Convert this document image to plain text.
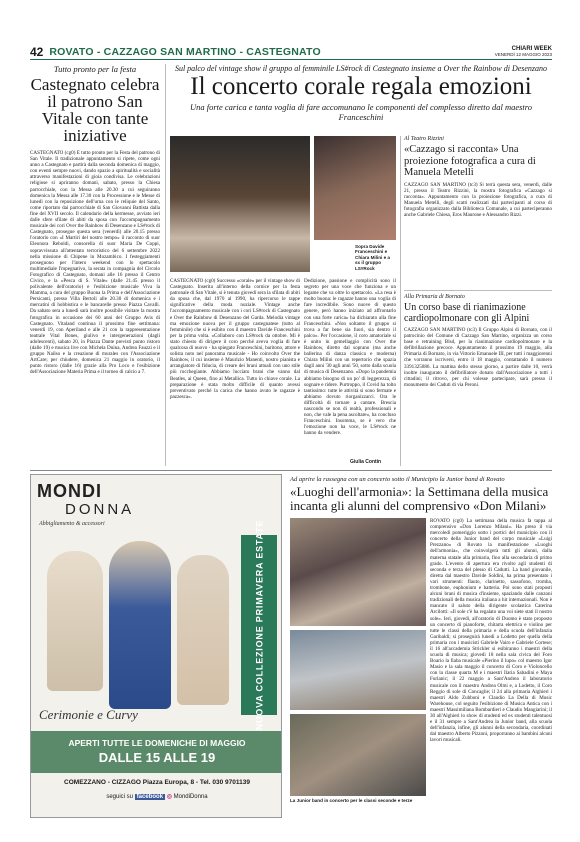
42 ROVATO - CAZZAGO SAN MARTINO - CASTEGNATO	CHIARI WEEK
VENERDÌ 12 MAGGIO 2023
Tutto pronto per la festa
Castegnato celebra il patrono San Vitale con tante iniziative
CASTEGNATO (cg0) È tutto pronto per la Festa del patrono di San Vitale. Il tradizionale appuntamento si ripete, come ogni anno a Castegnato e partirà dalla seconda domenica di maggio, con eventi sempre nuovi, dando spazio a spiritualità e socialità attraverso manifestazioni di gioia condivisa. Le celebrazioni religiose si apriranno domani, sabato, presso la Chiesa parrocchiale, con la Messa alle 20.30 a cui seguiranno domenica la Messa alle 17.30 con la Processione e le Messe di lunedì con la reposizione dell'urna con le reliquie del Santo, come riportato dai parrocchiale di San Giovanni Battista dalla fine del XVII secolo. Il calendario della kermesse, avviato ieri dalle sfere sfilate di abiti da sposa con l'accompagnamento musicale dei cori Over the Rainbow di Desenzano e LS#rock di Castegnato, prosegue questa sera (venerdì) alle 20.15 presso l'oratorio con «I Martiri del nostro tempo» il racconto di suor Eleonora Reboldi, consorella di suor Maria De Coppi, sopravvissuta all'attentato terroristico del 6 settembre 2022 nella missione di Chipene in Mozambico. I festeggiamenti proseguono per l'intero weekend con lo spettacolo multimediale I'mpegnativo, la serata in compagnia del Circolo Fotografico di Castegnato, domani alle 16 presso il Centro Civico, e la «Pesca di S. Vitale» (dalle 21.45 presso il polivalente dell'oratorio) e l'esibizione musicale Viva la Mamma, a cura del gruppo Buona la Prima e dell'Associazione Persicanti, presso Villa Bertoli alle 20.30 di domenica e i mercatini di hobbistica e le bancarelle presso Piazza Cavalli. Da sabato sera a lunedì sarà inoltre possibile visitare la mostra fotografica in occasione dei 60 anni del Gruppo Avis di Castegnato. Vitaland continua il prossimo fine settimana: venerdì 19, con Aperiland e alle 21 con la rappresentazione teatrale Vital Bones, giulivo e intergenerazioni (dagli adolescenti), sabato 20, in Piazza Dante previsti punto ristoro (dalle 19) e musica live con Michela Duina, Andrea Fauzzi e il gruppo Nailso e la creazione di murales con l'Associazione ArtCare; per chiudere, domenica 21 maggio in oratorio, il punto ristoro (dalle 16) grazie alla Pro Loco e l'esibizione dell'Associazione Materia Prima e il torneo di calcio a 7.
Sul palco del vintage show il gruppo al femminile LS#rock di Castegnato insieme a Over the Rainbow di Desenzano
Il concerto corale regala emozioni
Una forte carica e tanta voglia di fare accomunano le componenti del complesso diretto dal maestro Franceschini
Sopra Davide Franceschini e Chiara Milini e a sx il gruppo LS#Rock
CASTEGNATO (cg0) Successo «corale» per il vintage show di Castegnato. Inserita all'interno della cornice per la festa patronale di San Vitale, si è tenuta giovedì sera la sfilata di abiti da sposa che, dal 1970 al 1990, ha ripercorso le tappe significative della moda nuziale. Vintage anche l'accompagnamento musicale con i cori LS#rock di Castegnato e Over the Rainbow di Desenzano del Garda. Melodia vintage ma emozione nuova per il gruppo castegnatese (tutto al femminile) che si è esibito con il maestro Davide Franceschini per la prima volta. «Collaboro con LS#rock da ottobre. Mi è stato chiesto di dirigere il coro perché aveva voglia di fare qualcosa di nuovo - ha spiegato Franceschini, baritono, attore e solista noto nel panorama musicale - Ho coinvolto Over the Rainbow, il cui insieme è Maurizio Manenti, nostro pianista e arrangiatore di fiducia, di creare dei brani attuali con uno stile più rocchegiante. Abbiamo lucciato brani che vanno dal Beatles, ai Queen, fino ai Metallica. Tutto in chiave corale. La preparazione è stata molto difficile di quanto avessi preventivato perché la carica che hanno avuto le ragazze è pazzesca».
Dedizione, passione e complicità sono il segreto per una voce che funziona e un legame che va oltre lo spettacolo. «La resa è molto buona: le ragazze hanno una voglia di fare incredibile. Sono nuove di questo genere, però hanno iniziato ad affrontarlo con una forte carica» ha dichiarato alla fine Franceschini. «Non soltanto il gruppo si trova a far bene sia fuori, sia dentro il palco». Per l'occasione, il coro amatoriale si è unito in gemellaggio con Over the Rainbow, diretto dal soprano (ma anche ballerina di danza classica e moderna) Chiara Milini con un repertorio che spazia dagli anni '30 agli anni '50, sotto dalla scuola di musica di Desenzano. «Dopo la pandemia abbiamo bisogno di un po' di leggerezza, di sognare e ridere. Purtroppo, il Covid ha tolto tantissimo: tutte le attività si sono fermate e abbiamo dovuto riorganizzarci. Ora le difficoltà di tornare a cantare. Brescia nascondo se non di realtà, professionali e non, che vale la pena ascoltare», ha concluso Franceschini. Insomma, se è vero che l'emozione non ha voce, le LS#rock ne hanno da vendere.
Giulia Contin
Al Teatro Rizzini
«Cazzago si racconta» Una proiezione fotografica a cura di Manuela Metelli
CAZZAGO SAN MARTINO (tc3) Si terrà questa sera, venerdì, dalle 21, presso il Teatro Rizzini, la mostra fotografica «Cazzago si racconta». Appuntamento con la proiezione fotografica, a cura di Manuela Metelli, degli scatti realizzati dai partecipanti al corso di fotografia organizzato dalla Biblioteca Comunale, a cui parteciperanno anche Gabriele Chiesa, Eros Maurone e Alessandro Rizzi.
Alla Primaria di Bornato
Un corso base di rianimazione cardiopolmonare con gli Alpini
CAZZAGO SAN MARTINO (tc3) Il Gruppo Alpini di Bornato, con il patrocinio del Comune di Cazzago San Martino, organizza un corso base e retraining Blsd, per la rianimazione cardiopolmonare e la defibrillazione precoce. Appuntamento il prossimo 19 maggio, alla Primaria di Bornato, in via Vittorio Emanuele III, per tutti i maggiorenni che vorranno iscriversi, entro il 18 maggio, contattando il numero 3391325886. La mattina dello stesso giorno, a partire dalle 10, verrà inoltre inaugurato il defibrillatore donato dall'Associazione a tutti i cittadini; il ritrovo, per chi volesse partecipare, sarà presso il monumento dei Caduti di via Peroni.
MONDI
DONNA
Abbigliamento & accessori	NUOVA COLLEZIONE PRIMAVERA ESTATE
Cerimonie e Curvy
APERTI TUTTE LE DOMENICHE DI MAGGIO
DALLE 15 ALLE 19
COMEZZANO - CIZZAGO Piazza Europa, 8 - Tel. 030 9701139
seguici su facebook ◎ MondiDonna
Ad aprire la rassegna con un concerto sotto il Municipio la Junior band di Rovato
«Luoghi dell'armonia»: la Settimana della musica incanta gli alunni del comprensivo «Don Milani»
La Junior band in concerto per le classi seconde e terze
ROVATO (cg0) La settimana della musica fa tappa al comprensivo «Don Lorenzo Milani». Ha preso il via mercoledì pomeriggio sotto i portici del municipio con il concerto della Junior band del corpo musicale «Luigi Prezzano» di Rovato la manifestazione «Luoghi dell'armonia», che coinvolgerà tutti gli alunni, dalla materna statale alla primaria, fino alla secondaria di primo grado. L'evento di apertura era rivolto agli studenti di seconda e terza del plesso di Cadutti. La band giovanile, diretta dal maestro Davide Soldini, ha prima presentato i vari strumenti: flauto, clarinetto, sassofono, tromba, trombone, euphonium e batteria. Poi sono stati proposti alcuni brani di musica d'insieme, spaziando dalle canzoni tradizionali della musica italiana a hit internazionali. Non è mancato il saluto della dirigente scolastica Caterina Arcilotti: «Il sole c'è ha regalato una voi siete stati il nostro sole». Ieri, giovedì, all'oratorio di Duomo è stato proposto un concerto di pianoforte, chitarra elettrica e violino per tutte le classi della primaria e della scuola dell'infanzia Garibaldi; si proseguirà lunedì a Lodetto per quella della primaria con i musicisti Gabriele Vairo e Gabriele Cortese; il 16 all'accademia Strickler si esibiranno i maestri della scuola di musica; giovedì 18 nella sala civica del Foro Boario la fiaba musicale «Pierino il lupo» col maestro Igor Masio e la sala maggio il concerto di Coro e Violoncello con la classe quarta M e i maestri Ilaria Sabadini e Maya Furlanic; il 22 maggio a Sant'Andrea il laboratorio musicale con il maestro Andrea Olmi e, a Lodetto, il Coro Reggio di sole di Concaglie; il 24 alla primaria Alghieri i maestri Aldo Zubboni e Claudio La Della di Music Warehouse, col seguito l'esibizione di Musica Antica con i maestri Massimiliana Bombardieri e Claudio Mangiarini; il 30 all'Alghieri lo show di studenti ed ex studenti talentuosi e il 31 sempre a Sant'Andrea la Junior band, alla scuola dell'infanzia, infine, gli alunni della secondaria, coordinati dal maestro Alberto Pizzoni, proporranno ai bambini alcuni lavori musicali.
